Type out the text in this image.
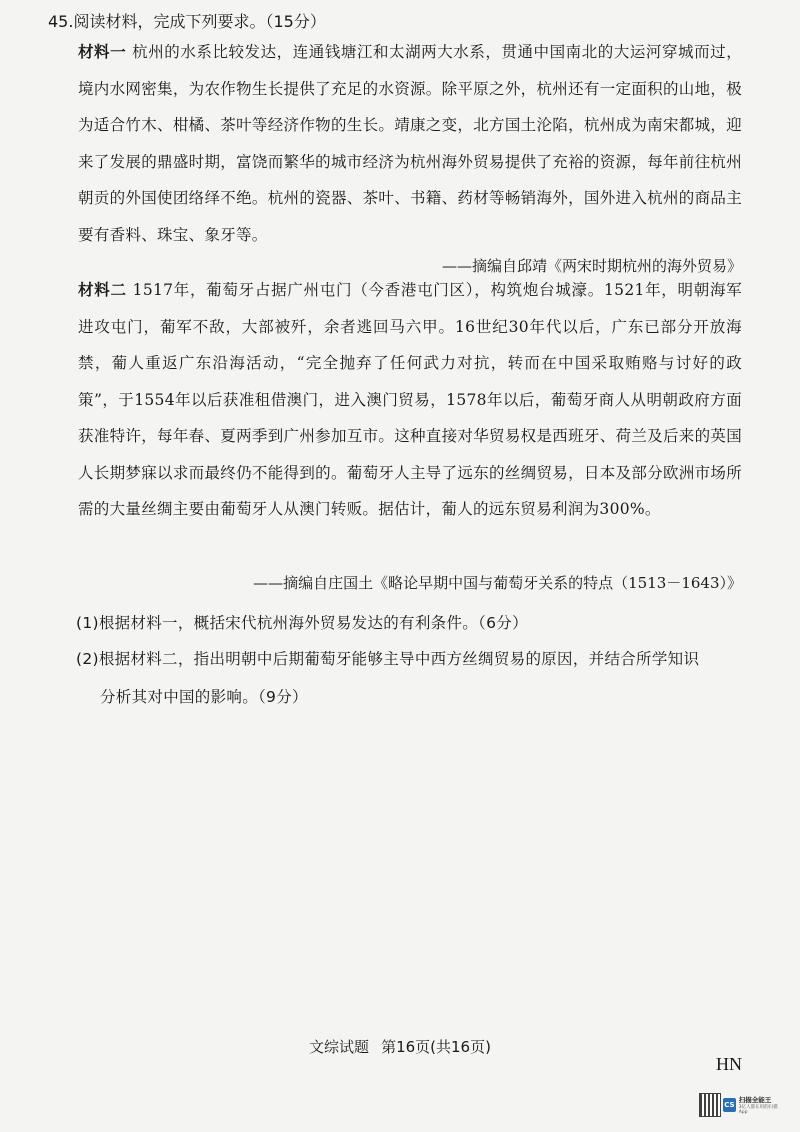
45.阅读材料，完成下列要求。（15分）
材料一 杭州的水系比较发达，连通钱塘江和太湖两大水系，贯通中国南北的大运河穿城而过，境内水网密集，为农作物生长提供了充足的水资源。除平原之外，杭州还有一定面积的山地，极为适合竹木、柑橘、茶叶等经济作物的生长。靖康之变，北方国土沦陷，杭州成为南宋都城，迎来了发展的鼎盛时期，富饶而繁华的城市经济为杭州海外贸易提供了充裕的资源，每年前往杭州朝贡的外国使团络绎不绝。杭州的瓷器、茶叶、书籍、药材等畅销海外，国外进入杭州的商品主要有香料、珠宝、象牙等。
——摘编自邱靖《两宋时期杭州的海外贸易》
材料二 1517年，葡萄牙占据广州屯门（今香港屯门区），构筑炮台城濠。1521年，明朝海军进攻屯门，葡军不敌，大部被歼，余者逃回马六甲。16世纪30年代以后，广东已部分开放海禁，葡人重返广东沿海活动，“完全抛弃了任何武力对抗，转而在中国采取贿赂与讨好的政策”，于1554年以后获准租借澳门，进入澳门贸易，1578年以后，葡萄牙商人从明朝政府方面获准特许，每年春、夏两季到广州参加互市。这种直接对华贸易权是西班牙、荷兰及后来的英国人长期梦寐以求而最终仍不能得到的。葡萄牙人主导了远东的丝绸贸易，日本及部分欧洲市场所需的大量丝绸主要由葡萄牙人从澳门转贩。据估计，葡人的远东贸易利润为300%。
——摘编自庄国土《略论早期中国与葡萄牙关系的特点（1513－1643）》
(1)根据材料一，概括宋代杭州海外贸易发达的有利条件。（6分）
(2)根据材料二，指出明朝中后期葡萄牙能够主导中西方丝绸贸易的原因，并结合所学知识
分析其对中国的影响。（9分）
文综试题 第16页(共16页)
HN
CS
扫描全能王
3亿人都在用的扫描App
